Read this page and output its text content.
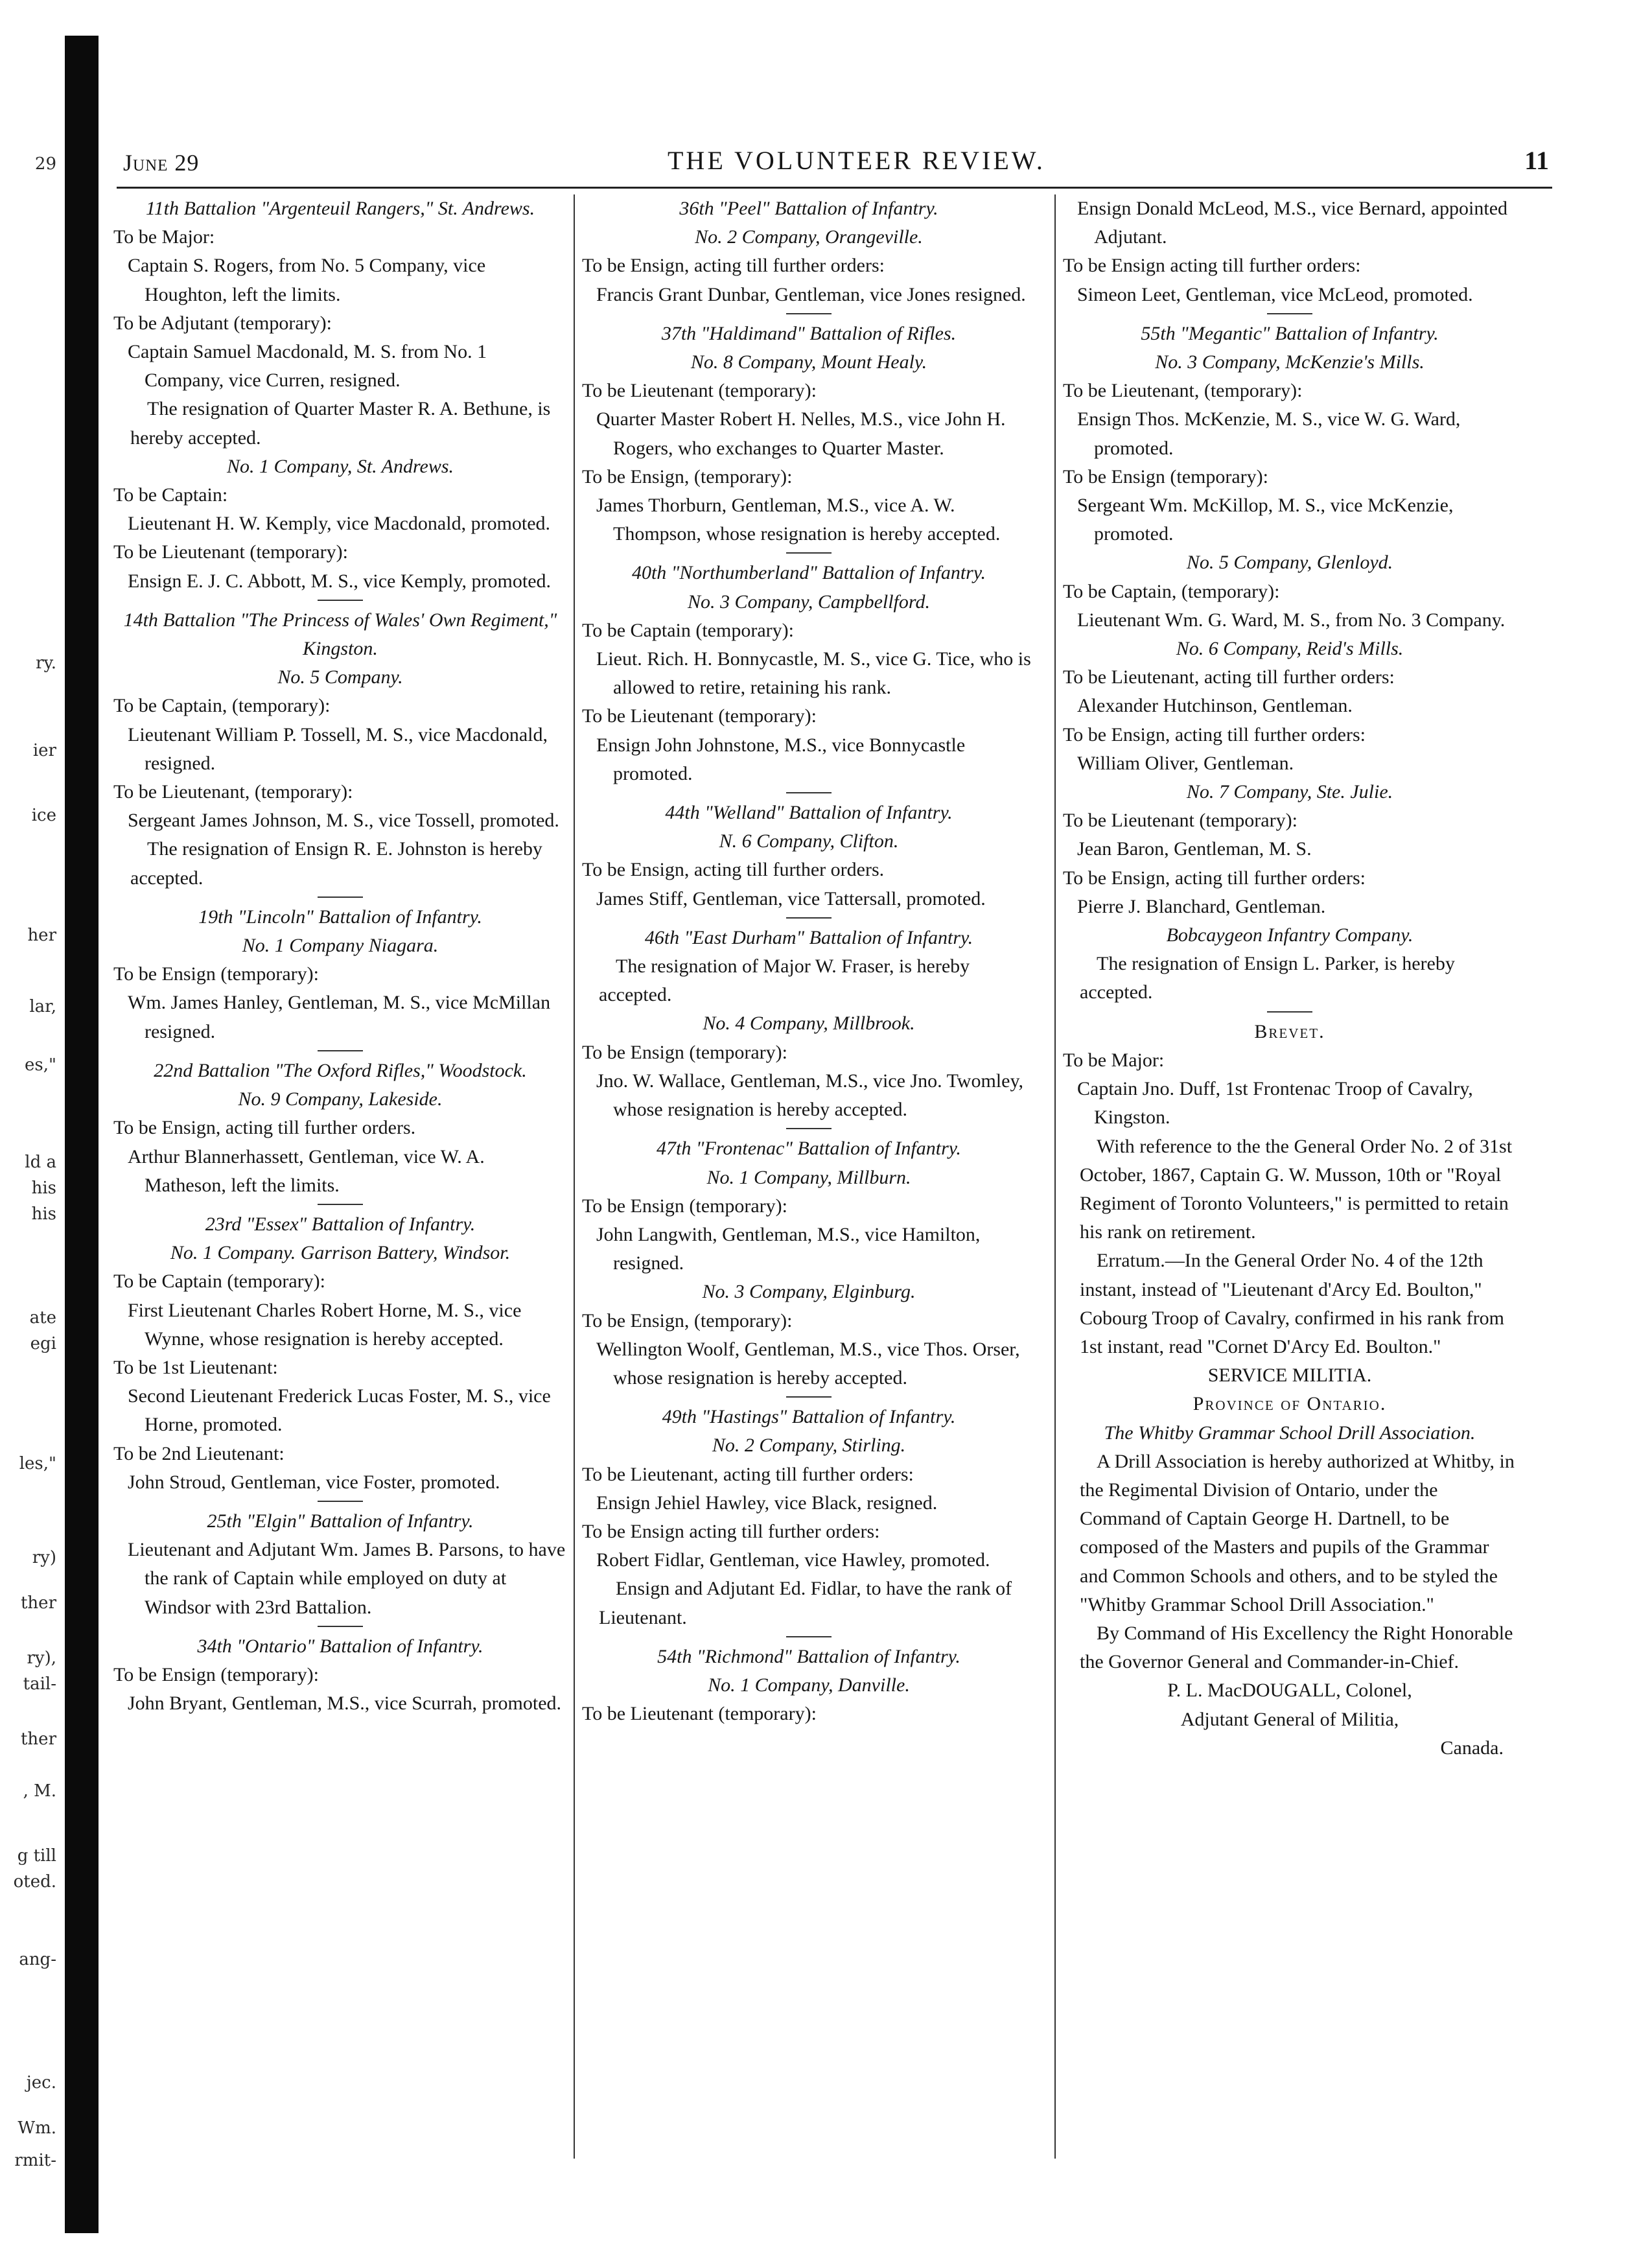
29
ry.
ier
ice
her
lar,
es,"
ld a
his
his
ate
egi
les,"
ry)
ther
ry),
tail-
ther
, M.
g till
oted.
ang-
jec.
Wm.
rmit-
June 29	THE VOLUNTEER REVIEW.	11
11th Battalion "Argenteuil Rangers," St. Andrews.
To be Major:
Captain S. Rogers, from No. 5 Company, vice Houghton, left the limits.
To be Adjutant (temporary):
Captain Samuel Macdonald, M. S. from No. 1 Company, vice Curren, resigned.
The resignation of Quarter Master R. A. Bethune, is hereby accepted.
No. 1 Company, St. Andrews.
To be Captain:
Lieutenant H. W. Kemply, vice Macdonald, promoted.
To be Lieutenant (temporary):
Ensign E. J. C. Abbott, M. S., vice Kemply, promoted.
14th Battalion "The Princess of Wales' Own Regiment," Kingston.
No. 5 Company.
To be Captain, (temporary):
Lieutenant William P. Tossell, M. S., vice Macdonald, resigned.
To be Lieutenant, (temporary):
Sergeant James Johnson, M. S., vice Tossell, promoted.
The resignation of Ensign R. E. Johnston is hereby accepted.
19th "Lincoln" Battalion of Infantry.
No. 1 Company Niagara.
To be Ensign (temporary):
Wm. James Hanley, Gentleman, M. S., vice McMillan resigned.
22nd Battalion "The Oxford Rifles," Woodstock.
No. 9 Company, Lakeside.
To be Ensign, acting till further orders.
Arthur Blannerhassett, Gentleman, vice W. A. Matheson, left the limits.
23rd "Essex" Battalion of Infantry.
No. 1 Company. Garrison Battery, Windsor.
To be Captain (temporary):
First Lieutenant Charles Robert Horne, M. S., vice Wynne, whose resignation is hereby accepted.
To be 1st Lieutenant:
Second Lieutenant Frederick Lucas Foster, M. S., vice Horne, promoted.
To be 2nd Lieutenant:
John Stroud, Gentleman, vice Foster, promoted.
25th "Elgin" Battalion of Infantry.
Lieutenant and Adjutant Wm. James B. Parsons, to have the rank of Captain while employed on duty at Windsor with 23rd Battalion.
34th "Ontario" Battalion of Infantry.
To be Ensign (temporary):
John Bryant, Gentleman, M.S., vice Scurrah, promoted.
36th "Peel" Battalion of Infantry.
No. 2 Company, Orangeville.
To be Ensign, acting till further orders:
Francis Grant Dunbar, Gentleman, vice Jones resigned.
37th "Haldimand" Battalion of Rifles.
No. 8 Company, Mount Healy.
To be Lieutenant (temporary):
Quarter Master Robert H. Nelles, M.S., vice John H. Rogers, who exchanges to Quarter Master.
To be Ensign, (temporary):
James Thorburn, Gentleman, M.S., vice A. W. Thompson, whose resignation is hereby accepted.
40th "Northumberland" Battalion of Infantry.
No. 3 Company, Campbellford.
To be Captain (temporary):
Lieut. Rich. H. Bonnycastle, M. S., vice G. Tice, who is allowed to retire, retaining his rank.
To be Lieutenant (temporary):
Ensign John Johnstone, M.S., vice Bonnycastle promoted.
44th "Welland" Battalion of Infantry.
N. 6 Company, Clifton.
To be Ensign, acting till further orders.
James Stiff, Gentleman, vice Tattersall, promoted.
46th "East Durham" Battalion of Infantry.
The resignation of Major W. Fraser, is hereby accepted.
No. 4 Company, Millbrook.
To be Ensign (temporary):
Jno. W. Wallace, Gentleman, M.S., vice Jno. Twomley, whose resignation is hereby accepted.
47th "Frontenac" Battalion of Infantry.
No. 1 Company, Millburn.
To be Ensign (temporary):
John Langwith, Gentleman, M.S., vice Hamilton, resigned.
No. 3 Company, Elginburg.
To be Ensign, (temporary):
Wellington Woolf, Gentleman, M.S., vice Thos. Orser, whose resignation is hereby accepted.
49th "Hastings" Battalion of Infantry.
No. 2 Company, Stirling.
To be Lieutenant, acting till further orders:
Ensign Jehiel Hawley, vice Black, resigned.
To be Ensign acting till further orders:
Robert Fidlar, Gentleman, vice Hawley, promoted.
Ensign and Adjutant Ed. Fidlar, to have the rank of Lieutenant.
54th "Richmond" Battalion of Infantry.
No. 1 Company, Danville.
To be Lieutenant (temporary):
Ensign Donald McLeod, M.S., vice Bernard, appointed Adjutant.
To be Ensign acting till further orders:
Simeon Leet, Gentleman, vice McLeod, promoted.
55th "Megantic" Battalion of Infantry.
No. 3 Company, McKenzie's Mills.
To be Lieutenant, (temporary):
Ensign Thos. McKenzie, M. S., vice W. G. Ward, promoted.
To be Ensign (temporary):
Sergeant Wm. McKillop, M. S., vice McKenzie, promoted.
No. 5 Company, Glenloyd.
To be Captain, (temporary):
Lieutenant Wm. G. Ward, M. S., from No. 3 Company.
No. 6 Company, Reid's Mills.
To be Lieutenant, acting till further orders:
Alexander Hutchinson, Gentleman.
To be Ensign, acting till further orders:
William Oliver, Gentleman.
No. 7 Company, Ste. Julie.
To be Lieutenant (temporary):
Jean Baron, Gentleman, M. S.
To be Ensign, acting till further orders:
Pierre J. Blanchard, Gentleman.
Bobcaygeon Infantry Company.
The resignation of Ensign L. Parker, is hereby accepted.
Brevet.
To be Major:
Captain Jno. Duff, 1st Frontenac Troop of Cavalry, Kingston.
With reference to the the General Order No. 2 of 31st October, 1867, Captain G. W. Musson, 10th or "Royal Regiment of Toronto Volunteers," is permitted to retain his rank on retirement.
Erratum.—In the General Order No. 4 of the 12th instant, instead of "Lieutenant d'Arcy Ed. Boulton," Cobourg Troop of Cavalry, confirmed in his rank from 1st instant, read "Cornet D'Arcy Ed. Boulton."
SERVICE MILITIA.
Province of Ontario.
The Whitby Grammar School Drill Association.
A Drill Association is hereby authorized at Whitby, in the Regimental Division of Ontario, under the Command of Captain George H. Dartnell, to be composed of the Masters and pupils of the Grammar and Common Schools and others, and to be styled the "Whitby Grammar School Drill Association."
By Command of His Excellency the Right Honorable the Governor General and Commander-in-Chief.
P. L. MacDOUGALL, Colonel,
Adjutant General of Militia,
Canada.
